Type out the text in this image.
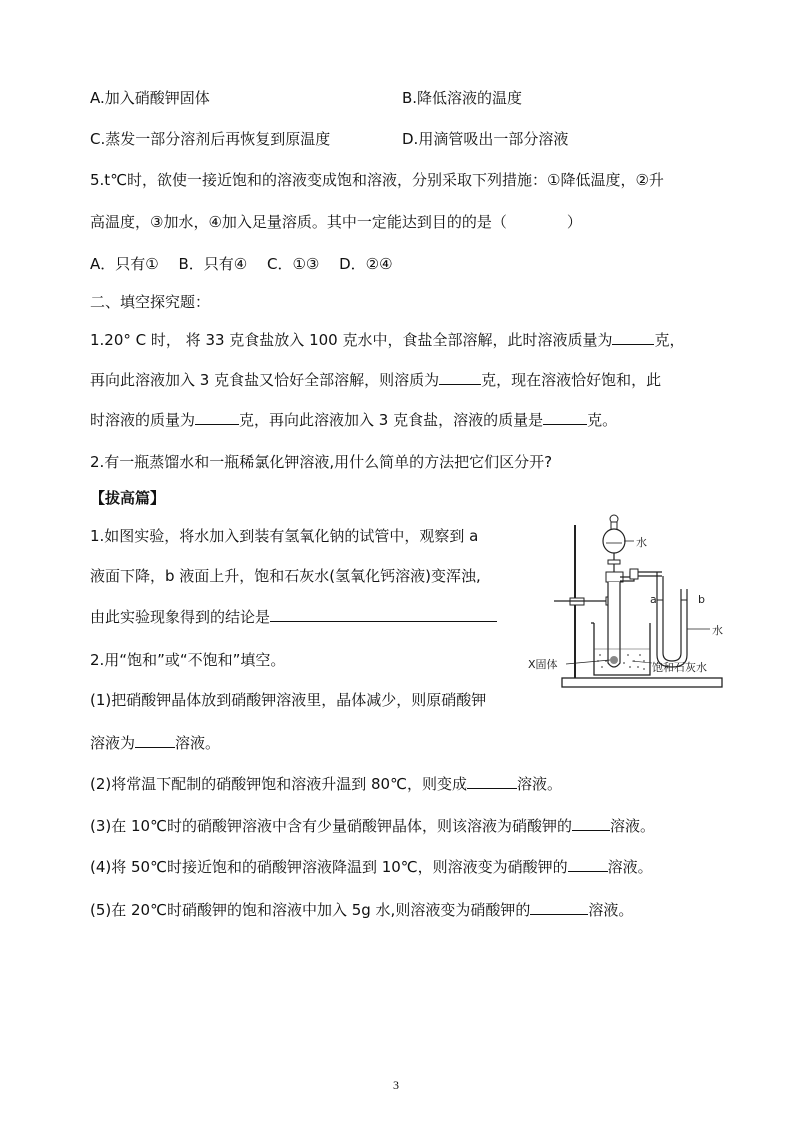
A.加入硝酸钾固体	B.降低溶液的温度
C.蒸发一部分溶剂后再恢复到原温度	D.用滴管吸出一部分溶液
5.t℃时，欲使一接近饱和的溶液变成饱和溶液，分别采取下列措施：①降低温度，②升
高温度，③加水，④加入足量溶质。其中一定能达到目的的是（　　　　）
A．只有①　 B．只有④　 C．①③　 D．②④
二、填空探究题：
1.20° C 时， 将 33 克食盐放入 100 克水中，食盐全部溶解，此时溶液质量为	克，
再向此溶液加入 3 克食盐又恰好全部溶解，则溶质为	克，现在溶液恰好饱和，此
时溶液的质量为	克，再向此溶液加入 3 克食盐，溶液的质量是	克。
2.有一瓶蒸馏水和一瓶稀氯化钾溶液,用什么简单的方法把它们区分开?
【拔高篇】
1.如图实验，将水加入到装有氢氧化钠的试管中，观察到 a
液面下降，b 液面上升，饱和石灰水(氢氧化钙溶液)变浑浊,
由此实验现象得到的结论是
2.用“饱和”或“不饱和”填空。
(1)把硝酸钾晶体放到硝酸钾溶液里，晶体减少，则原硝酸钾
溶液为	溶液。
(2)将常温下配制的硝酸钾饱和溶液升温到 80℃，则变成	溶液。
(3)在 10℃时的硝酸钾溶液中含有少量硝酸钾晶体，则该溶液为硝酸钾的	溶液。
(4)将 50℃时接近饱和的硝酸钾溶液降温到 10℃，则溶液变为硝酸钾的	溶液。
(5)在 20℃时硝酸钾的饱和溶液中加入 5g 水,则溶液变为硝酸钾的	溶液。
水
a	b
水
X固体	饱和石灰水
3
